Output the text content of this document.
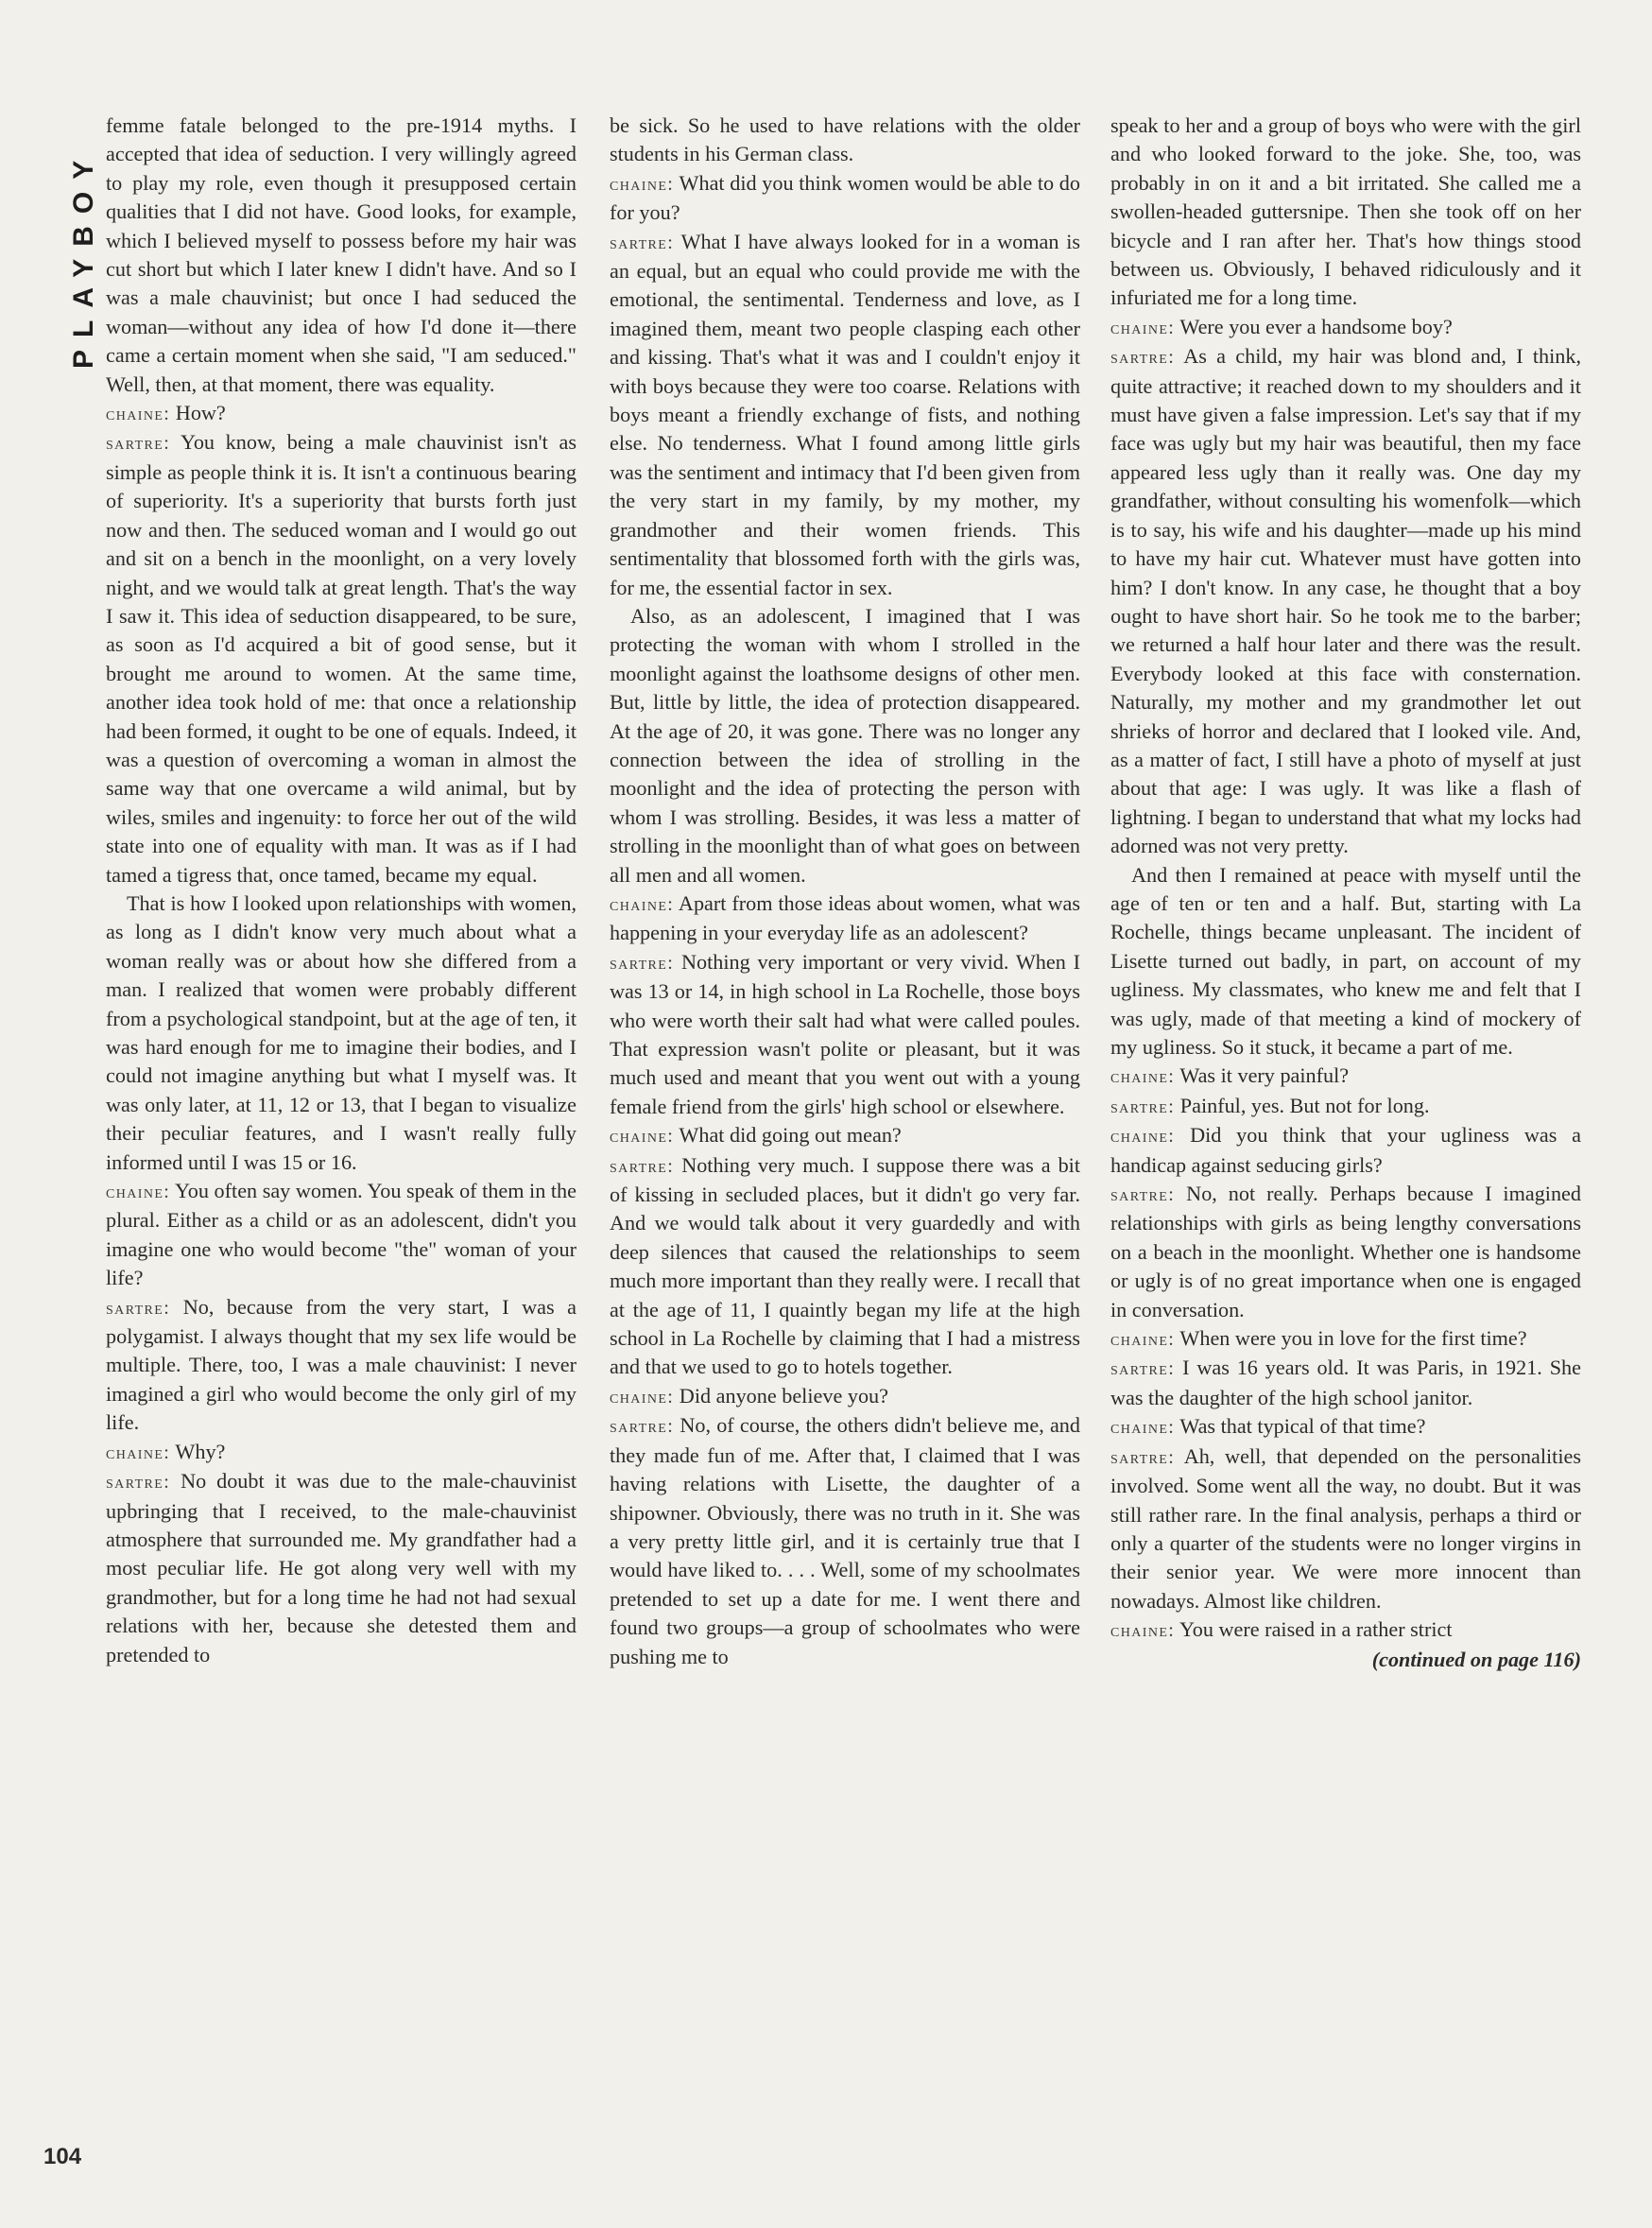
PLAYBOY

femme fatale belonged to the pre-1914 myths. I accepted that idea of seduction. I very willingly agreed to play my role, even though it presupposed certain qualities that I did not have. Good looks, for example, which I believed myself to possess before my hair was cut short but which I later knew I didn't have. And so I was a male chauvinist; but once I had seduced the woman—without any idea of how I'd done it—there came a certain moment when she said, "I am seduced." Well, then, at that moment, there was equality.

chaine: How?

sartre: You know, being a male chauvinist isn't as simple as people think it is. It isn't a continuous bearing of superiority. It's a superiority that bursts forth just now and then. The seduced woman and I would go out and sit on a bench in the moonlight, on a very lovely night, and we would talk at great length. That's the way I saw it. This idea of seduction disappeared, to be sure, as soon as I'd acquired a bit of good sense, but it brought me around to women. At the same time, another idea took hold of me: that once a relationship had been formed, it ought to be one of equals. Indeed, it was a question of overcoming a woman in almost the same way that one overcame a wild animal, but by wiles, smiles and ingenuity: to force her out of the wild state into one of equality with man. It was as if I had tamed a tigress that, once tamed, became my equal.

That is how I looked upon relationships with women, as long as I didn't know very much about what a woman really was or about how she differed from a man. I realized that women were probably different from a psychological standpoint, but at the age of ten, it was hard enough for me to imagine their bodies, and I could not imagine anything but what I myself was. It was only later, at 11, 12 or 13, that I began to visualize their peculiar features, and I wasn't really fully informed until I was 15 or 16.

chaine: You often say women. You speak of them in the plural. Either as a child or as an adolescent, didn't you imagine one who would become "the" woman of your life?

sartre: No, because from the very start, I was a polygamist. I always thought that my sex life would be multiple. There, too, I was a male chauvinist: I never imagined a girl who would become the only girl of my life.

chaine: Why?

sartre: No doubt it was due to the male-chauvinist upbringing that I received, to the male-chauvinist atmosphere that surrounded me. My grandfather had a most peculiar life. He got along very well with my grandmother, but for a long time he had not had sexual relations with her, because she detested them and pretended to

be sick. So he used to have relations with the older students in his German class.

chaine: What did you think women would be able to do for you?

sartre: What I have always looked for in a woman is an equal, but an equal who could provide me with the emotional, the sentimental. Tenderness and love, as I imagined them, meant two people clasping each other and kissing. That's what it was and I couldn't enjoy it with boys because they were too coarse. Relations with boys meant a friendly exchange of fists, and nothing else. No tenderness. What I found among little girls was the sentiment and intimacy that I'd been given from the very start in my family, by my mother, my grandmother and their women friends. This sentimentality that blossomed forth with the girls was, for me, the essential factor in sex.

Also, as an adolescent, I imagined that I was protecting the woman with whom I strolled in the moonlight against the loathsome designs of other men. But, little by little, the idea of protection disappeared. At the age of 20, it was gone. There was no longer any connection between the idea of strolling in the moonlight and the idea of protecting the person with whom I was strolling. Besides, it was less a matter of strolling in the moonlight than of what goes on between all men and all women.

chaine: Apart from those ideas about women, what was happening in your everyday life as an adolescent?

sartre: Nothing very important or very vivid. When I was 13 or 14, in high school in La Rochelle, those boys who were worth their salt had what were called poules. That expression wasn't polite or pleasant, but it was much used and meant that you went out with a young female friend from the girls' high school or elsewhere.

chaine: What did going out mean?

sartre: Nothing very much. I suppose there was a bit of kissing in secluded places, but it didn't go very far. And we would talk about it very guardedly and with deep silences that caused the relationships to seem much more important than they really were. I recall that at the age of 11, I quaintly began my life at the high school in La Rochelle by claiming that I had a mistress and that we used to go to hotels together.

chaine: Did anyone believe you?

sartre: No, of course, the others didn't believe me, and they made fun of me. After that, I claimed that I was having relations with Lisette, the daughter of a shipowner. Obviously, there was no truth in it. She was a very pretty little girl, and it is certainly true that I would have liked to. . . . Well, some of my schoolmates pretended to set up a date for me. I went there and found two groups—a group of schoolmates who were pushing me to

speak to her and a group of boys who were with the girl and who looked forward to the joke. She, too, was probably in on it and a bit irritated. She called me a swollen-headed guttersnipe. Then she took off on her bicycle and I ran after her. That's how things stood between us. Obviously, I behaved ridiculously and it infuriated me for a long time.

chaine: Were you ever a handsome boy?

sartre: As a child, my hair was blond and, I think, quite attractive; it reached down to my shoulders and it must have given a false impression. Let's say that if my face was ugly but my hair was beautiful, then my face appeared less ugly than it really was. One day my grandfather, without consulting his womenfolk—which is to say, his wife and his daughter—made up his mind to have my hair cut. Whatever must have gotten into him? I don't know. In any case, he thought that a boy ought to have short hair. So he took me to the barber; we returned a half hour later and there was the result. Everybody looked at this face with consternation. Naturally, my mother and my grandmother let out shrieks of horror and declared that I looked vile. And, as a matter of fact, I still have a photo of myself at just about that age: I was ugly. It was like a flash of lightning. I began to understand that what my locks had adorned was not very pretty.

And then I remained at peace with myself until the age of ten or ten and a half. But, starting with La Rochelle, things became unpleasant. The incident of Lisette turned out badly, in part, on account of my ugliness. My classmates, who knew me and felt that I was ugly, made of that meeting a kind of mockery of my ugliness. So it stuck, it became a part of me.

chaine: Was it very painful?

sartre: Painful, yes. But not for long.

chaine: Did you think that your ugliness was a handicap against seducing girls?

sartre: No, not really. Perhaps because I imagined relationships with girls as being lengthy conversations on a beach in the moonlight. Whether one is handsome or ugly is of no great importance when one is engaged in conversation.

chaine: When were you in love for the first time?

sartre: I was 16 years old. It was Paris, in 1921. She was the daughter of the high school janitor.

chaine: Was that typical of that time?

sartre: Ah, well, that depended on the personalities involved. Some went all the way, no doubt. But it was still rather rare. In the final analysis, perhaps a third or only a quarter of the students were no longer virgins in their senior year. We were more innocent than nowadays. Almost like children.

chaine: You were raised in a rather strict

(continued on page 116)

104
